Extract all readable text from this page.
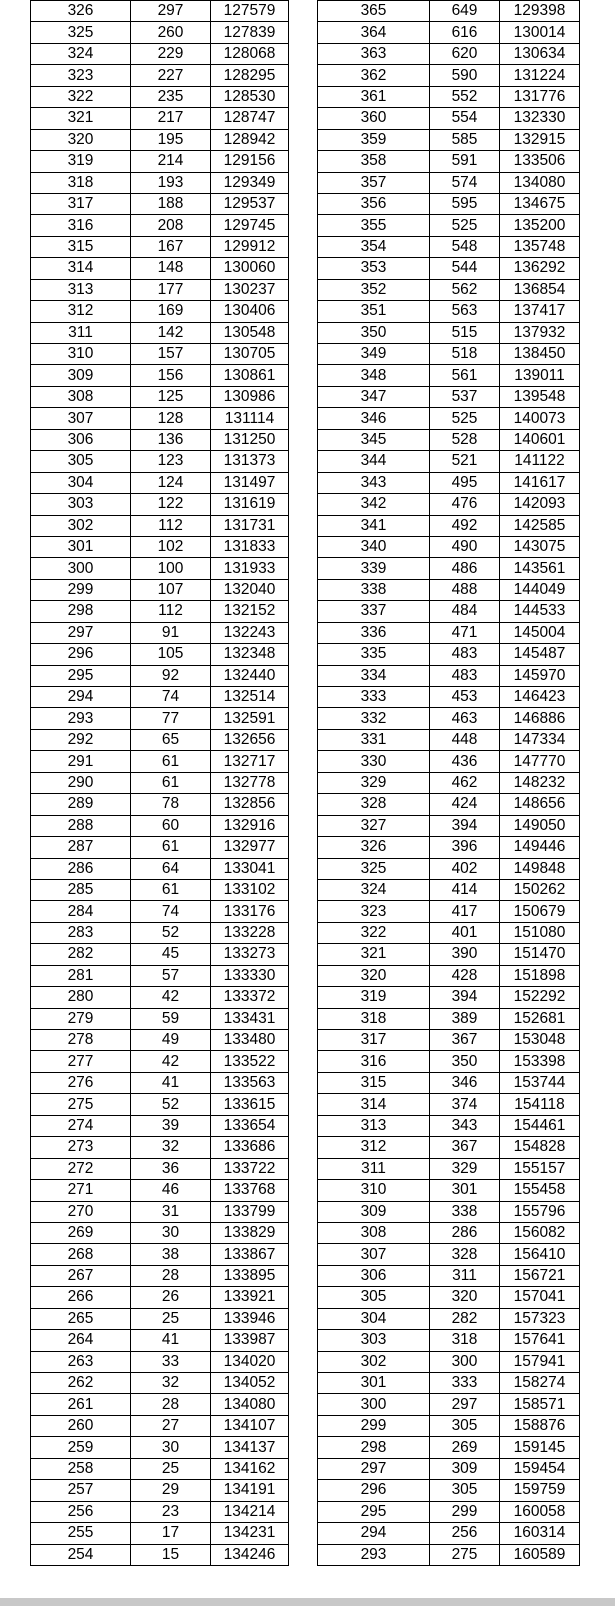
326	297	127579
325	260	127839
324	229	128068
323	227	128295
322	235	128530
321	217	128747
320	195	128942
319	214	129156
318	193	129349
317	188	129537
316	208	129745
315	167	129912
314	148	130060
313	177	130237
312	169	130406
311	142	130548
310	157	130705
309	156	130861
308	125	130986
307	128	131114
306	136	131250
305	123	131373
304	124	131497
303	122	131619
302	112	131731
301	102	131833
300	100	131933
299	107	132040
298	112	132152
297	91	132243
296	105	132348
295	92	132440
294	74	132514
293	77	132591
292	65	132656
291	61	132717
290	61	132778
289	78	132856
288	60	132916
287	61	132977
286	64	133041
285	61	133102
284	74	133176
283	52	133228
282	45	133273
281	57	133330
280	42	133372
279	59	133431
278	49	133480
277	42	133522
276	41	133563
275	52	133615
274	39	133654
273	32	133686
272	36	133722
271	46	133768
270	31	133799
269	30	133829
268	38	133867
267	28	133895
266	26	133921
265	25	133946
264	41	133987
263	33	134020
262	32	134052
261	28	134080
260	27	134107
259	30	134137
258	25	134162
257	29	134191
256	23	134214
255	17	134231
254	15	134246
365	649	129398
364	616	130014
363	620	130634
362	590	131224
361	552	131776
360	554	132330
359	585	132915
358	591	133506
357	574	134080
356	595	134675
355	525	135200
354	548	135748
353	544	136292
352	562	136854
351	563	137417
350	515	137932
349	518	138450
348	561	139011
347	537	139548
346	525	140073
345	528	140601
344	521	141122
343	495	141617
342	476	142093
341	492	142585
340	490	143075
339	486	143561
338	488	144049
337	484	144533
336	471	145004
335	483	145487
334	483	145970
333	453	146423
332	463	146886
331	448	147334
330	436	147770
329	462	148232
328	424	148656
327	394	149050
326	396	149446
325	402	149848
324	414	150262
323	417	150679
322	401	151080
321	390	151470
320	428	151898
319	394	152292
318	389	152681
317	367	153048
316	350	153398
315	346	153744
314	374	154118
313	343	154461
312	367	154828
311	329	155157
310	301	155458
309	338	155796
308	286	156082
307	328	156410
306	311	156721
305	320	157041
304	282	157323
303	318	157641
302	300	157941
301	333	158274
300	297	158571
299	305	158876
298	269	159145
297	309	159454
296	305	159759
295	299	160058
294	256	160314
293	275	160589
